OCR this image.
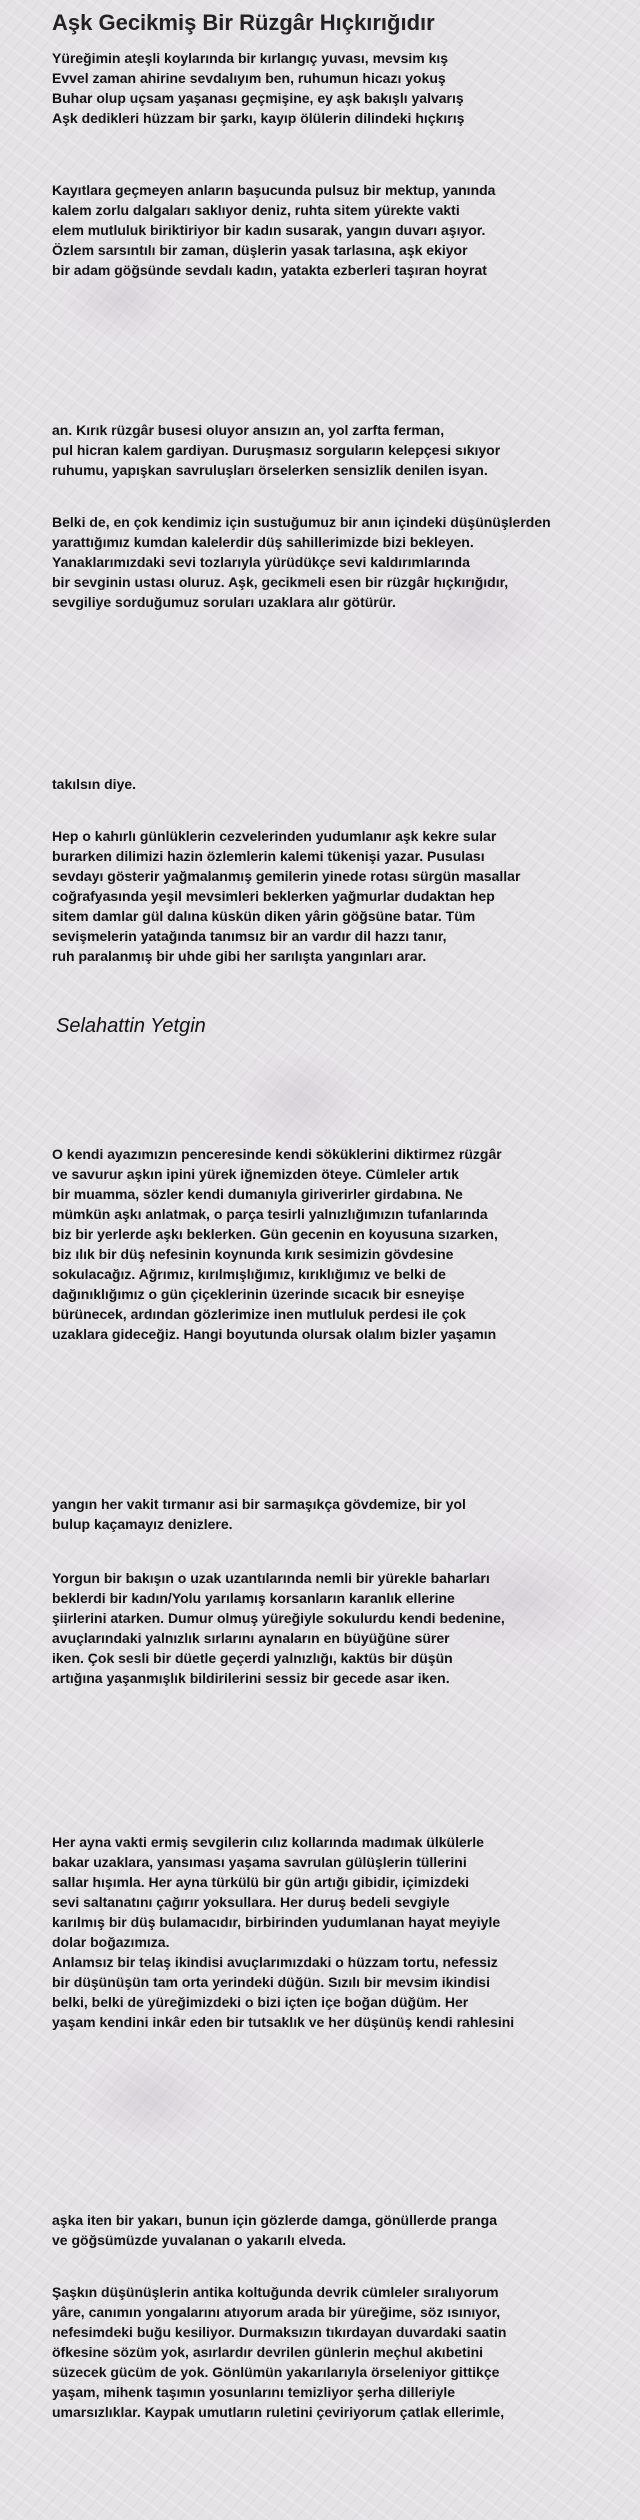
Aşk Gecikmiş Bir Rüzgâr Hıçkırığıdır

Yüreğimin ateşli koylarında bir kırlangıç yuvası, mevsim kış
Evvel zaman ahirine sevdalıyım ben, ruhumun hicazı yokuş
Buhar olup uçsam yaşanası geçmişine, ey aşk bakışlı yalvarış
Aşk dedikleri hüzzam bir şarkı, kayıp ölülerin dilindeki hıçkırış

Kayıtlara geçmeyen anların başucunda pulsuz bir mektup, yanında
kalem zorlu dalgaları saklıyor deniz, ruhta sitem yürekte vakti
elem mutluluk biriktiriyor bir kadın susarak, yangın duvarı aşıyor.
Özlem sarsıntılı bir zaman, düşlerin yasak tarlasına, aşk ekiyor
bir adam göğsünde sevdalı kadın, yatakta ezberleri taşıran hoyrat

an. Kırık rüzgâr busesi oluyor ansızın an, yol zarfta ferman,
pul hicran kalem gardiyan. Duruşmasız sorguların kelepçesi sıkıyor
ruhumu, yapışkan savruluşları örselerken sensizlik denilen isyan.

Belki de, en çok kendimiz için sustuğumuz bir anın içindeki düşünüşlerden
yarattığımız kumdan kalelerdir düş sahillerimizde bizi bekleyen.
Yanaklarımızdaki sevi tozlarıyla yürüdükçe sevi kaldırımlarında
bir sevginin ustası oluruz. Aşk, gecikmeli esen bir rüzgâr hıçkırığıdır,
sevgiliye sorduğumuz soruları uzaklara alır götürür.

takılsın diye.

Hep o kahırlı günlüklerin cezvelerinden yudumlanır aşk kekre sular
burarken dilimizi hazin özlemlerin kalemi tükenişi yazar. Pusulası
sevdayı gösterir yağmalanmış gemilerin yinede rotası sürgün masallar
coğrafyasında yeşil mevsimleri beklerken yağmurlar dudaktan hep
sitem damlar gül dalına küskün diken yârin göğsüne batar. Tüm
sevişmelerin yatağında tanımsız bir an vardır dil hazzı tanır,
ruh paralanmış bir uhde gibi her sarılışta yangınları arar.

Selahattin Yetgin

O kendi ayazımızın penceresinde kendi söküklerini diktirmez rüzgâr
ve savurur aşkın ipini yürek iğnemizden öteye. Cümleler artık
bir muamma, sözler kendi dumanıyla giriverirler girdabına. Ne
mümkün aşkı anlatmak, o parça tesirli yalnızlığımızın tufanlarında
biz bir yerlerde aşkı beklerken. Gün gecenin en koyusuna sızarken,
biz ılık bir düş nefesinin koynunda kırık sesimizin gövdesine
sokulacağız. Ağrımız, kırılmışlığımız, kırıklığımız ve belki de
dağınıklığımız o gün çiçeklerinin üzerinde sıcacık bir esneyişe
bürünecek, ardından gözlerimize inen mutluluk perdesi ile çok
uzaklara gideceğiz. Hangi boyutunda olursak olalım bizler yaşamın

yangın her vakit tırmanır asi bir sarmaşıkça gövdemize, bir yol
bulup kaçamayız denizlere.

Yorgun bir bakışın o uzak uzantılarında nemli bir yürekle baharları
beklerdi bir kadın/Yolu yarılamış korsanların karanlık ellerine
şiirlerini atarken. Dumur olmuş yüreğiyle sokulurdu kendi bedenine,
avuçlarındaki yalnızlık sırlarını aynaların en büyüğüne sürer
iken. Çok sesli bir düetle geçerdi yalnızlığı, kaktüs bir düşün
artığına yaşanmışlık bildirilerini sessiz bir gecede asar iken.

Her ayna vakti ermiş sevgilerin cılız kollarında madımak ülkülerle
bakar uzaklara, yansıması yaşama savrulan gülüşlerin tüllerini
sallar hışımla. Her ayna türkülü bir gün artığı gibidir, içimizdeki
sevi saltanatını çağırır yoksullara. Her duruş bedeli sevgiyle
karılmış bir düş bulamacıdır, birbirinden yudumlanan hayat meyiyle
dolar boğazımıza.
Anlamsız bir telaş ikindisi avuçlarımızdaki o hüzzam tortu, nefessiz
bir düşünüşün tam orta yerindeki düğün. Sızılı bir mevsim ikindisi
belki, belki de yüreğimizdeki o bizi içten içe boğan düğüm. Her
yaşam kendini inkâr eden bir tutsaklık ve her düşünüş kendi rahlesini

aşka iten bir yakarı, bunun için gözlerde damga, gönüllerde pranga
ve göğsümüzde yuvalanan o yakarılı elveda.

Şaşkın düşünüşlerin antika koltuğunda devrik cümleler sıralıyorum
yâre, canımın yongalarını atıyorum arada bir yüreğime, söz ısınıyor,
nefesimdeki buğu kesiliyor. Durmaksızın tıkırdayan duvardaki saatin
öfkesine sözüm yok, asırlardır devrilen günlerin meçhul akıbetini
süzecek gücüm de yok. Gönlümün yakarılarıyla örseleniyor gittikçe
yaşam, mihenk taşımın yosunlarını temizliyor şerha dilleriyle
umarsızlıklar. Kaypak umutların ruletini çeviriyorum çatlak ellerimle,
